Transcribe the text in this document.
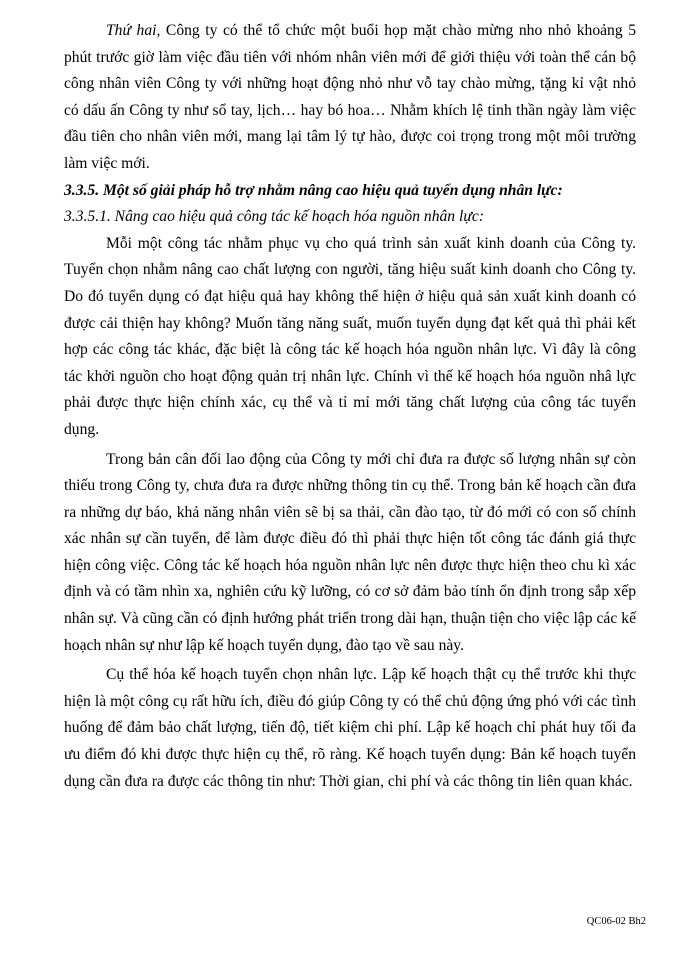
Thứ hai, Công ty có thể tổ chức một buổi họp mặt chào mừng nho nhỏ khoảng 5 phút trước giờ làm việc đầu tiên với nhóm nhân viên mới để giới thiệu với toàn thể cán bộ công nhân viên Công ty với những hoạt động nhỏ như vỗ tay chào mừng, tặng kỉ vật nhỏ có dấu ấn Công ty như sổ tay, lịch… hay bó hoa… Nhằm khích lệ tinh thần ngày làm việc đầu tiên cho nhân viên mới, mang lại tâm lý tự hào, được coi trọng trong một môi trường làm việc mới.

3.3.5. Một số giải pháp hỗ trợ nhằm nâng cao hiệu quả tuyển dụng nhân lực:

3.3.5.1. Nâng cao hiệu quả công tác kế hoạch hóa nguồn nhân lực:

Mỗi một công tác nhằm phục vụ cho quá trình sản xuất kinh doanh của Công ty. Tuyển chọn nhằm nâng cao chất lượng con người, tăng hiệu suất kinh doanh cho Công ty. Do đó tuyển dụng có đạt hiệu quả hay không thể hiện ở hiệu quả sản xuất kinh doanh có được cải thiện hay không? Muốn tăng năng suất, muốn tuyển dụng đạt kết quả thì phải kết hợp các công tác khác, đặc biệt là công tác kế hoạch hóa nguồn nhân lực. Vì đây là công tác khởi nguồn cho hoạt động quản trị nhân lực. Chính vì thế kế hoạch hóa nguồn nhâ lực phải được thực hiện chính xác, cụ thể và tỉ mỉ mới tăng chất lượng của công tác tuyển dụng.

Trong bản cân đối lao động của Công ty mới chỉ đưa ra được số lượng nhân sự còn thiếu trong Công ty, chưa đưa ra được những thông tin cụ thể. Trong bản kế hoạch cần đưa ra những dự báo, khả năng nhân viên sẽ bị sa thải, cần đào tạo, từ đó mới có con số chính xác nhân sự cần tuyển, để làm được điều đó thì phải thực hiện tốt công tác đánh giá thực hiện công việc. Công tác kế hoạch hóa nguồn nhân lực nên được thực hiện theo chu kì xác định và có tầm nhìn xa, nghiên cứu kỹ lưỡng, có cơ sở đảm bảo tính ổn định trong sắp xếp nhân sự. Và cũng cần có định hướng phát triển trong dài hạn, thuận tiện cho việc lập các kế hoạch nhân sự như lập kế hoạch tuyển dụng, đào tạo về sau này.

Cụ thể hóa kế hoạch tuyển chọn nhân lực. Lập kế hoạch thật cụ thể trước khi thực hiện là một công cụ rất hữu ích, điều đó giúp Công ty có thể chủ động ứng phó với các tình huống để đảm bảo chất lượng, tiến độ, tiết kiệm chi phí. Lập kế hoạch chỉ phát huy tối đa ưu điểm đó khi được thực hiện cụ thể, rõ ràng. Kế hoạch tuyển dụng: Bản kế hoạch tuyển dụng cần đưa ra được các thông tin như: Thời gian, chi phí và các thông tin liên quan khác.

QC06-02 Bh2
